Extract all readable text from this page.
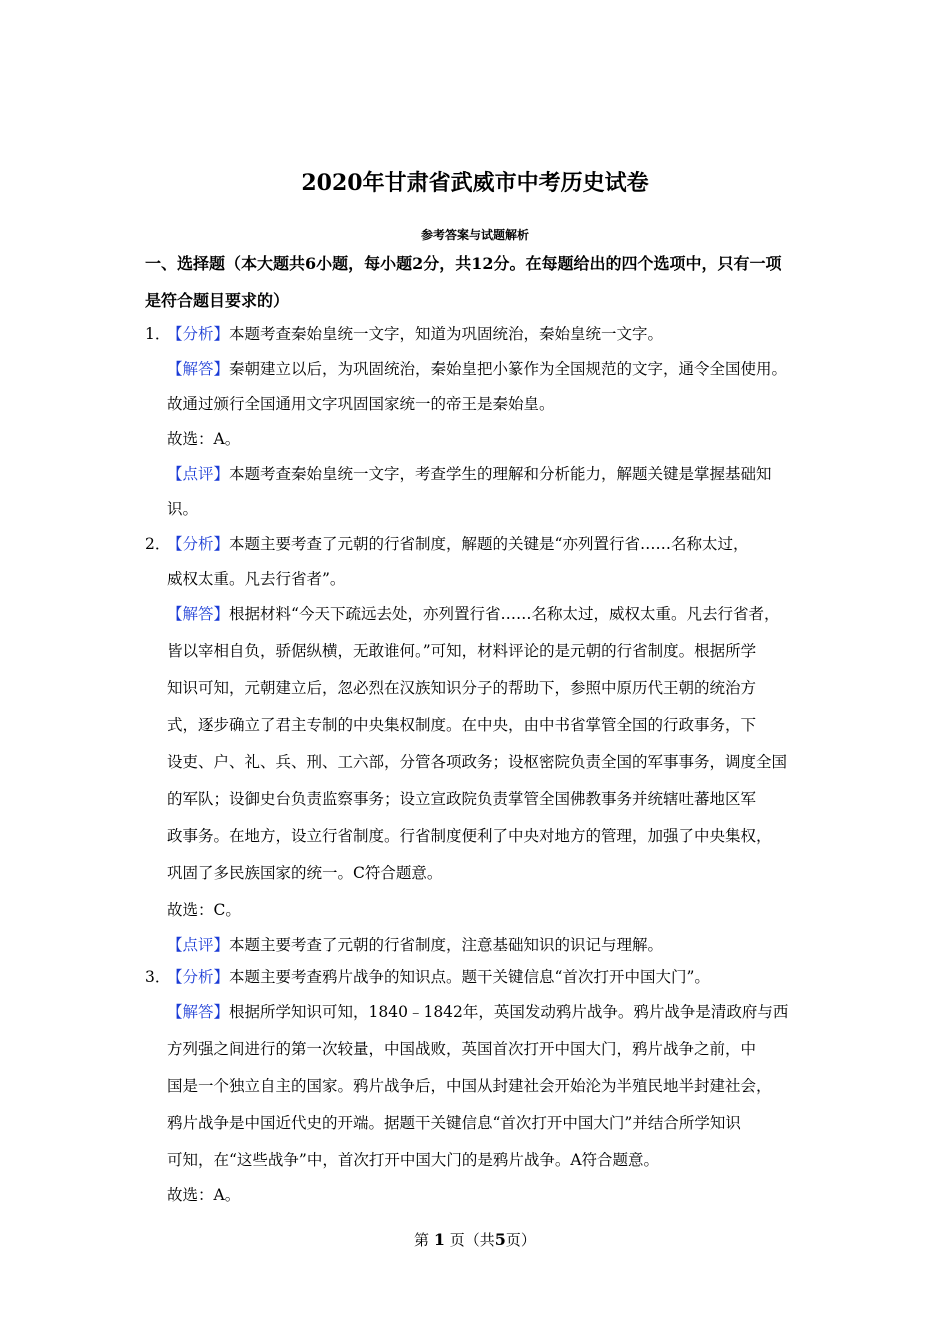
2020年甘肃省武威市中考历史试卷
参考答案与试题解析
一、选择题（本大题共6小题，每小题2分，共12分。在每题给出的四个选项中，只有一项
是符合题目要求的）
1．【分析】本题考查秦始皇统一文字，知道为巩固统治，秦始皇统一文字。
【解答】秦朝建立以后，为巩固统治，秦始皇把小篆作为全国规范的文字，通令全国使用。
故通过颁行全国通用文字巩固国家统一的帝王是秦始皇。
故选：A。
【点评】本题考查秦始皇统一文字，考查学生的理解和分析能力，解题关键是掌握基础知
识。
2．【分析】本题主要考查了元朝的行省制度，解题的关键是“亦列置行省……名称太过，
威权太重。凡去行省者”。
【解答】根据材料“今天下疏远去处，亦列置行省……名称太过，威权太重。凡去行省者，
皆以宰相自负，骄倨纵横，无敢谁何。”可知，材料评论的是元朝的行省制度。根据所学
知识可知，元朝建立后，忽必烈在汉族知识分子的帮助下，参照中原历代王朝的统治方
式，逐步确立了君主专制的中央集权制度。在中央，由中书省掌管全国的行政事务，下
设吏、户、礼、兵、刑、工六部，分管各项政务；设枢密院负责全国的军事事务，调度全国
的军队；设御史台负责监察事务；设立宣政院负责掌管全国佛教事务并统辖吐蕃地区军
政事务。在地方，设立行省制度。行省制度便利了中央对地方的管理，加强了中央集权，
巩固了多民族国家的统一。C符合题意。
故选：C。
【点评】本题主要考查了元朝的行省制度，注意基础知识的识记与理解。
3．【分析】本题主要考查鸦片战争的知识点。题干关键信息“首次打开中国大门”。
【解答】根据所学知识可知，1840﹣1842年，英国发动鸦片战争。鸦片战争是清政府与西
方列强之间进行的第一次较量，中国战败，英国首次打开中国大门，鸦片战争之前，中
国是一个独立自主的国家。鸦片战争后，中国从封建社会开始沦为半殖民地半封建社会，
鸦片战争是中国近代史的开端。据题干关键信息“首次打开中国大门”并结合所学知识
可知，在“这些战争”中，首次打开中国大门的是鸦片战争。A符合题意。
故选：A。
第 1 页（共5页）
